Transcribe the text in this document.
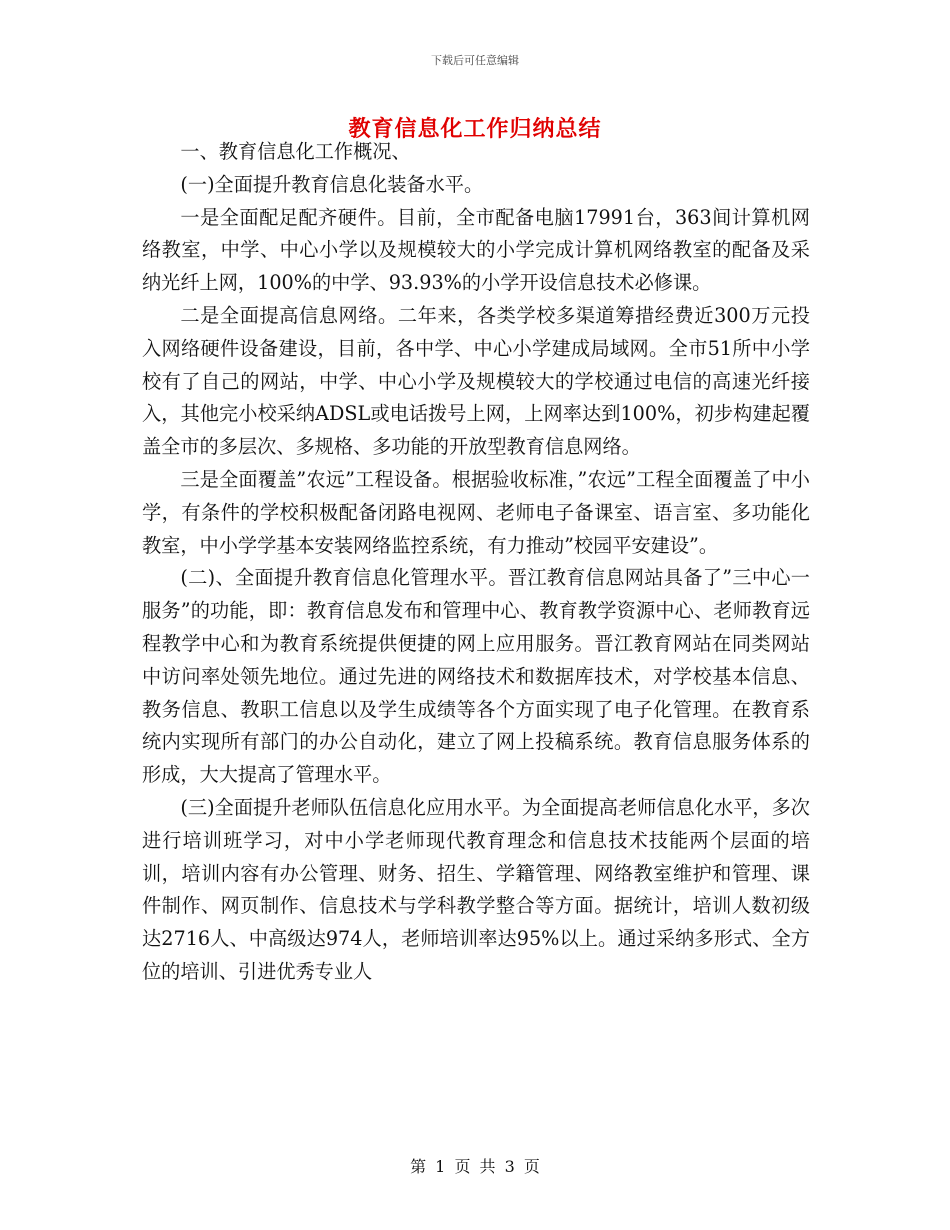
下载后可任意编辑
教育信息化工作归纳总结

一、教育信息化工作概况、

(一)全面提升教育信息化装备水平。

一是全面配足配齐硬件。目前，全市配备电脑17991台，363间计算机网络教室，中学、中心小学以及规模较大的小学完成计算机网络教室的配备及采纳光纤上网，100%的中学、93.93%的小学开设信息技术必修课。

二是全面提高信息网络。二年来，各类学校多渠道筹措经费近300万元投入网络硬件设备建设，目前，各中学、中心小学建成局域网。全市51所中小学校有了自己的网站，中学、中心小学及规模较大的学校通过电信的高速光纤接入，其他完小校采纳ADSL或电话拨号上网，上网率达到100%，初步构建起覆盖全市的多层次、多规格、多功能的开放型教育信息网络。

三是全面覆盖”农远”工程设备。根据验收标准，”农远”工程全面覆盖了中小学，有条件的学校积极配备闭路电视网、老师电子备课室、语言室、多功能化教室，中小学学基本安装网络监控系统，有力推动”校园平安建设”。

(二)、全面提升教育信息化管理水平。晋江教育信息网站具备了”三中心一服务”的功能，即：教育信息发布和管理中心、教育教学资源中心、老师教育远程教学中心和为教育系统提供便捷的网上应用服务。晋江教育网站在同类网站中访问率处领先地位。通过先进的网络技术和数据库技术，对学校基本信息、教务信息、教职工信息以及学生成绩等各个方面实现了电子化管理。在教育系统内实现所有部门的办公自动化，建立了网上投稿系统。教育信息服务体系的形成，大大提高了管理水平。

(三)全面提升老师队伍信息化应用水平。为全面提高老师信息化水平，多次进行培训班学习，对中小学老师现代教育理念和信息技术技能两个层面的培训，培训内容有办公管理、财务、招生、学籍管理、网络教室维护和管理、课件制作、网页制作、信息技术与学科教学整合等方面。据统计，培训人数初级达2716人、中高级达974人，老师培训率达95%以上。通过采纳多形式、全方位的培训、引进优秀专业人

第 1 页 共 3 页
